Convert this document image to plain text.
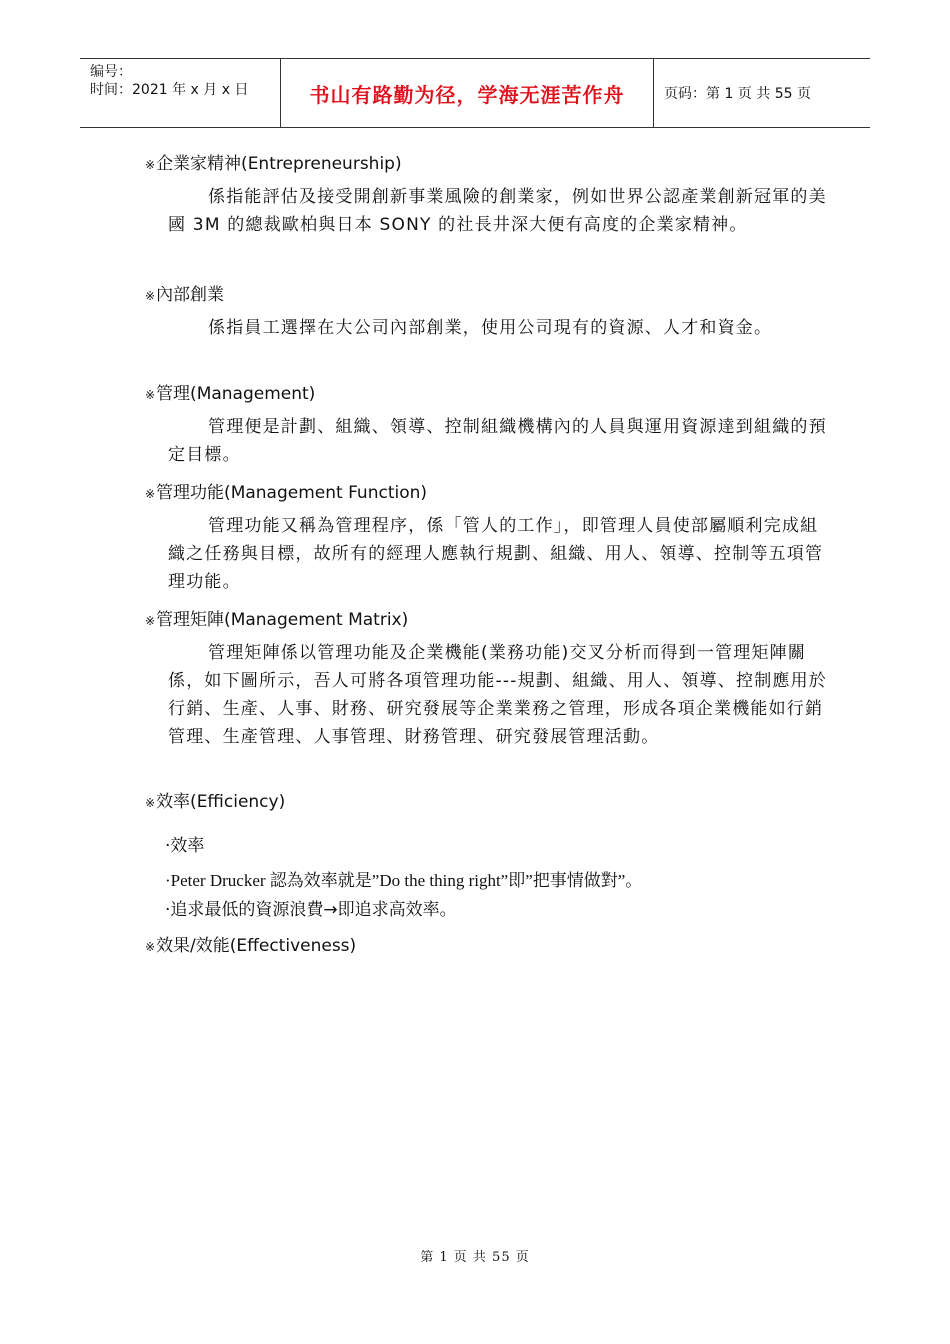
编号：
时间：2021 年 x 月 x 日	书山有路勤为径，学海无涯苦作舟	页码：第 1 页 共 55 页
※企業家精神(Entrepreneurship)
係指能評估及接受開創新事業風險的創業家，例如世界公認產業創新冠軍的美國 3M 的總裁歐柏與日本 SONY 的社長井深大便有高度的企業家精神。
※內部創業
係指員工選擇在大公司內部創業，使用公司現有的資源、人才和資金。
※管理(Management)
管理便是計劃、組織、領導、控制組織機構內的人員與運用資源達到組織的預定目標。
※管理功能(Management Function)
管理功能又稱為管理程序，係「管人的工作」，即管理人員使部屬順利完成組織之任務與目標，故所有的經理人應執行規劃、組織、用人、領導、控制等五項管理功能。
※管理矩陣(Management Matrix)
管理矩陣係以管理功能及企業機能(業務功能)交叉分析而得到一管理矩陣關係，如下圖所示，吾人可將各項管理功能---規劃、組織、用人、領導、控制應用於行銷、生產、人事、財務、研究發展等企業業務之管理，形成各項企業機能如行銷管理、生產管理、人事管理、財務管理、研究發展管理活動。
※效率(Efficiency)
·效率
·Peter Drucker 認為效率就是”Do the thing right”即”把事情做對”。
·追求最低的資源浪費→即追求高效率。
※效果/效能(Effectiveness)
第 1 页 共 55 页
